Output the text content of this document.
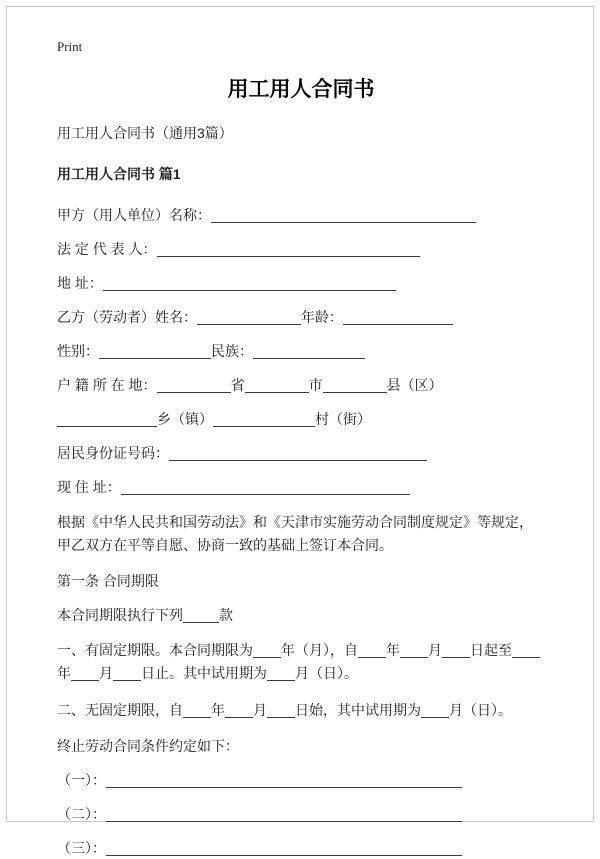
Print
用工用人合同书
用工用人合同书（通用3篇）
用工用人合同书 篇1
甲方（用人单位）名称：
法 定 代 表 人：
地 址：
乙方（劳动者）姓名：	年龄：
性别：	民族：
户 籍 所 在 地：	省	市	县（区）
乡（镇）	村（街）
居民身份证号码：
现 住 址：
根据《中华人民共和国劳动法》和《天津市实施劳动合同制度规定》等规定，甲乙双方在平等自愿、协商一致的基础上签订本合同。
第一条 合同期限
本合同期限执行下列	款
一、有固定期限。本合同期限为 年（月），自 年 月 日起至年 月 日止。其中试用期为 月（日）。
二、无固定期限，自 年 月 日始，其中试用期为 月（日）。
终止劳动合同条件约定如下：
（一）：
（二）：
（三）：
